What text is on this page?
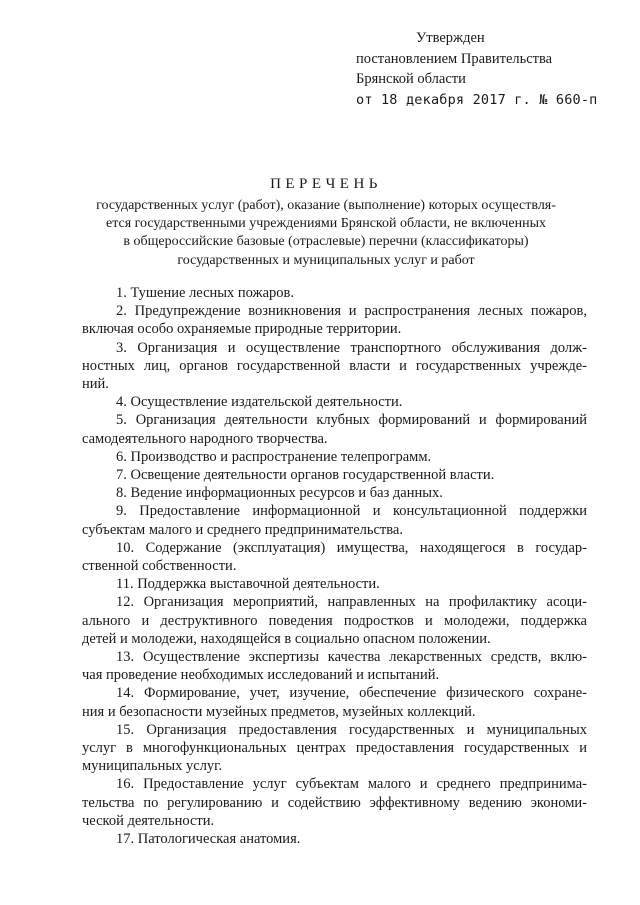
Утвержден
постановлением Правительства
Брянской области
от 18 декабря 2017 г. № 660-п
ПЕРЕЧЕНЬ
государственных услуг (работ), оказание (выполнение) которых осуществля-
ется государственными учреждениями Брянской области, не включенных
в общероссийские базовые (отраслевые) перечни (классификаторы)
государственных и муниципальных услуг и работ

1. Тушение лесных пожаров.

2. Предупреждение возникновения и распространения лесных пожаров,
включая особо охраняемые природные территории.

3. Организация и осуществление транспортного обслуживания долж-
ностных лиц, органов государственной власти и государственных учрежде-
ний.

4. Осуществление издательской деятельности.

5. Организация деятельности клубных формирований и формирований
самодеятельного народного творчества.

6. Производство и распространение телепрограмм.

7. Освещение деятельности органов государственной власти.

8. Ведение информационных ресурсов и баз данных.

9. Предоставление информационной и консультационной поддержки
субъектам малого и среднего предпринимательства.

10. Содержание (эксплуатация) имущества, находящегося в государ-
ственной собственности.

11. Поддержка выставочной деятельности.

12. Организация мероприятий, направленных на профилактику асоци-
ального и деструктивного поведения подростков и молодежи, поддержка
детей и молодежи, находящейся в социально опасном положении.

13. Осуществление экспертизы качества лекарственных средств, вклю-
чая проведение необходимых исследований и испытаний.

14. Формирование, учет, изучение, обеспечение физического сохране-
ния и безопасности музейных предметов, музейных коллекций.

15. Организация предоставления государственных и муниципальных
услуг в многофункциональных центрах предоставления государственных и
муниципальных услуг.

16. Предоставление услуг субъектам малого и среднего предпринима-
тельства по регулированию и содействию эффективному ведению экономи-
ческой деятельности.

17. Патологическая анатомия.
